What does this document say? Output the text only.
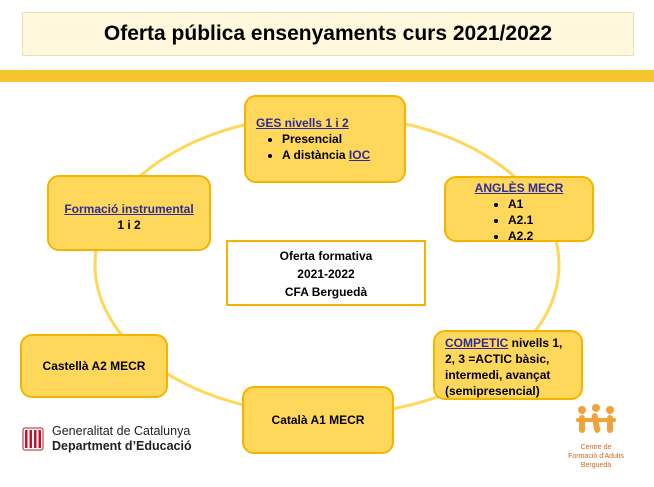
Oferta pública ensenyaments curs 2021/2022
GES nivells 1 i 2
• Presencial
• A distància IOC
ANGLÈS MECR
• A1
• A2.1
• A2.2
COMPETIC nivells 1, 2, 3 =ACTIC bàsic, intermedi, avançat (semipresencial)
Català A1 MECR
Castellà A2 MECR
Formació instrumental
1 i 2
Oferta formativa
2021-2022
CFA Berguedà
Generalitat de Catalunya
Department d’Educació	Centre de
Formació d'Adults
Berguedà
